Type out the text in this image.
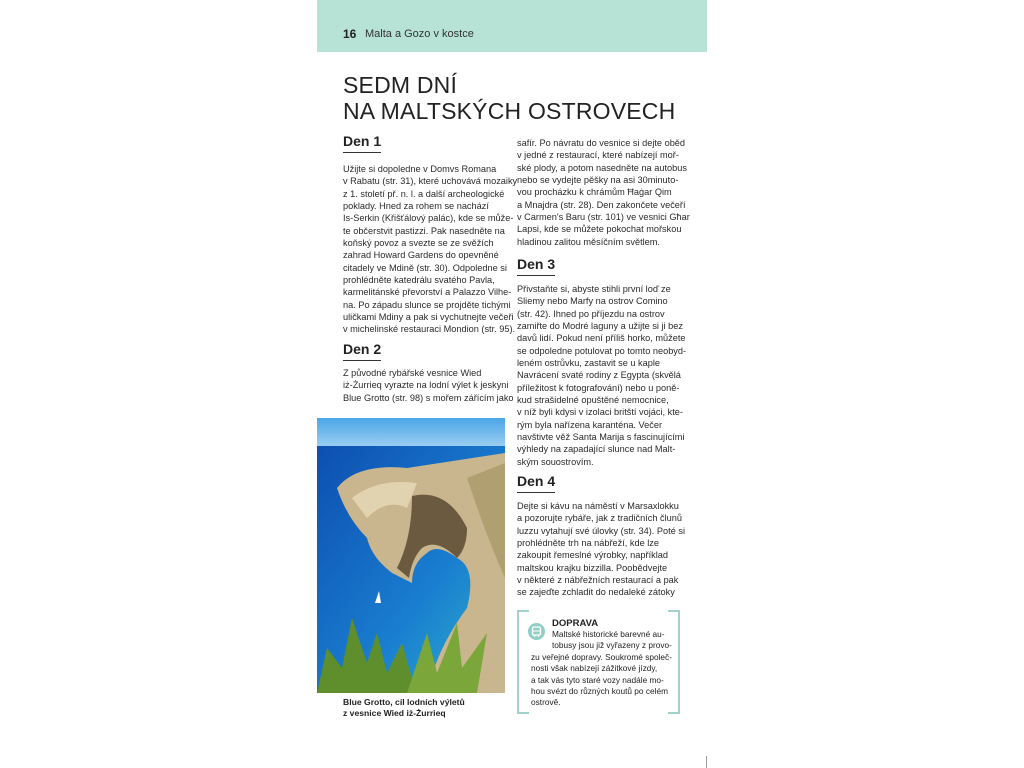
16 Malta a Gozo v kostce
SEDM DNÍ
NA MALTSKÝCH OSTROVECH
Den 1
Užijte si dopoledne v Domvs Romana
v Rabatu (str. 31), které uchovává mozaiky
z 1. století př. n. l. a další archeologické
poklady. Hned za rohem se nachází
Is-Serkin (Křišťálový palác), kde se může-
te občerstvit pastizzi. Pak nasedněte na
koňský povoz a svezte se ze svěžích
zahrad Howard Gardens do opevněné
citadely ve Mdině (str. 30). Odpoledne si
prohlédněte katedrálu svatého Pavla,
karmelitánské převorství a Palazzo Vilhe-
na. Po západu slunce se projděte tichými
uličkami Mdiny a pak si vychutnejte večeři
v michelinské restauraci Mondion (str. 95).
Den 2
Z původné rybářské vesnice Wied
iż-Żurrieq vyrazte na lodní výlet k jeskyni
Blue Grotto (str. 98) s mořem zářícím jako
safír. Po návratu do vesnice si dejte oběd
v jedné z restaurací, které nabízejí moř-
ské plody, a potom nasedněte na autobus
nebo se vydejte pěšky na asi 30minuto-
vou procházku k chrámům Ħaġar Qim
a Mnajdra (str. 28). Den zakončete večeří
v Carmen's Baru (str. 101) ve vesnici Għar
Lapsi, kde se můžete pokochat mořskou
hladinou zalitou měsíčním světlem.
Den 3
Přivstaňte si, abyste stihli první loď ze
Sliemy nebo Marfy na ostrov Comino
(str. 42). Ihned po příjezdu na ostrov
zamiřte do Modré laguny a užijte si ji bez
davů lidí. Pokud není příliš horko, můžete
se odpoledne potulovat po tomto neobyd-
leném ostrůvku, zastavit se u kaple
Navrácení svaté rodiny z Egypta (skvělá
příležitost k fotografování) nebo u poně-
kud strašidelné opuštěné nemocnice,
v níž byli kdysi v izolaci britští vojáci, kte-
rým byla nařízena karanténa. Večer
navštivte věž Santa Marija s fascinujícími
výhledy na zapadající slunce nad Malt-
ským souostrovím.
Den 4
Dejte si kávu na náměstí v Marsaxlokku
a pozorujte rybáře, jak z tradičních člunů
luzzu vytahují své úlovky (str. 34). Poté si
prohlédněte trh na nábřeží, kde lze
zakoupit řemeslné výrobky, například
maltskou krajku bizzilla. Poobědvejte
v některé z nábřežních restaurací a pak
se zajeďte zchladit do nedaleké zátoky
Blue Grotto, cíl lodních výletů
z vesnice Wied iż-Żurrieq
DOPRAVA
Maltské historické barevné au-
tobusy jsou již vyřazeny z provo-
zu veřejné dopravy. Soukromé společ-
nosti však nabízejí zážitkové jízdy,
a tak vás tyto staré vozy nadále mo-
hou svézt do různých koutů po celém
ostrově.
